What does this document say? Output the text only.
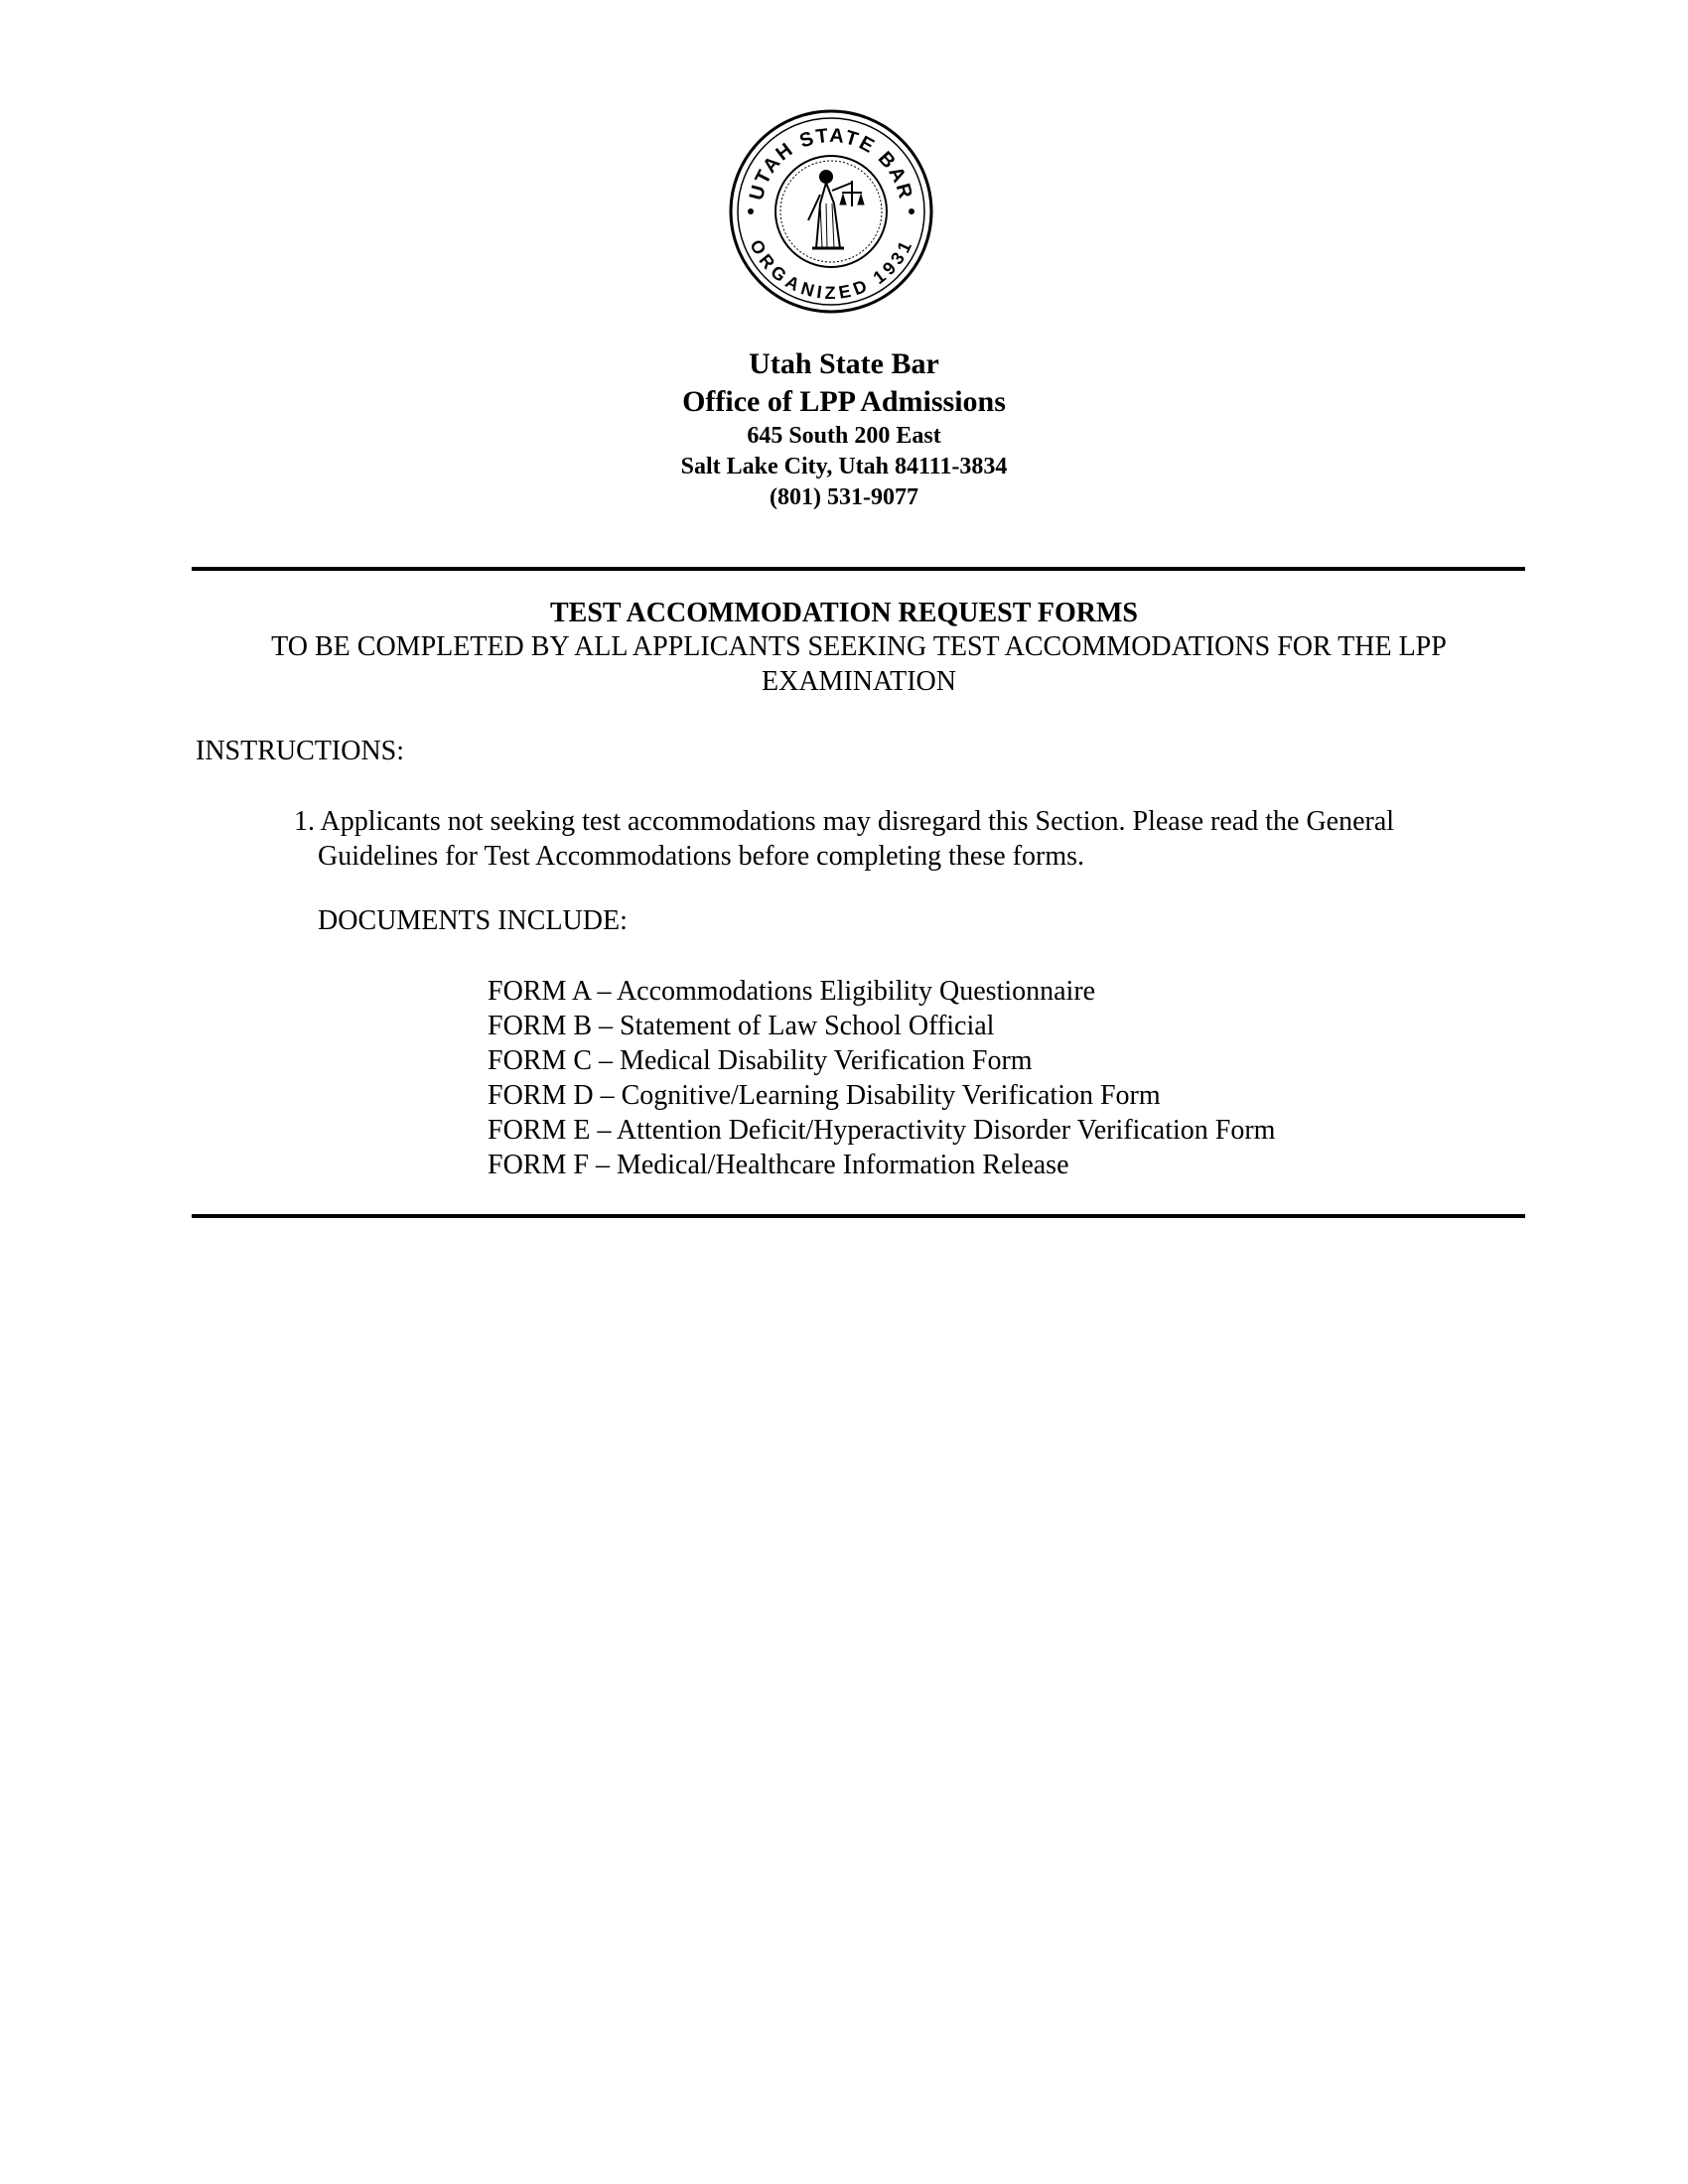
UTAH STATE BAR
ORGANIZED 1931
Utah State Bar
Office of LPP Admissions
645 South 200 East
Salt Lake City, Utah 84111-3834
(801) 531-9077
TEST ACCOMMODATION REQUEST FORMS
TO BE COMPLETED BY ALL APPLICANTS SEEKING TEST ACCOMMODATIONS FOR THE LPP EXAMINATION
INSTRUCTIONS:
1. Applicants not seeking test accommodations may disregard this Section. Please read the General
Guidelines for Test Accommodations before completing these forms.
DOCUMENTS INCLUDE:
FORM A – Accommodations Eligibility Questionnaire
FORM B – Statement of Law School Official
FORM C – Medical Disability Verification Form
FORM D – Cognitive/Learning Disability Verification Form
FORM E – Attention Deficit/Hyperactivity Disorder Verification Form
FORM F – Medical/Healthcare Information Release
